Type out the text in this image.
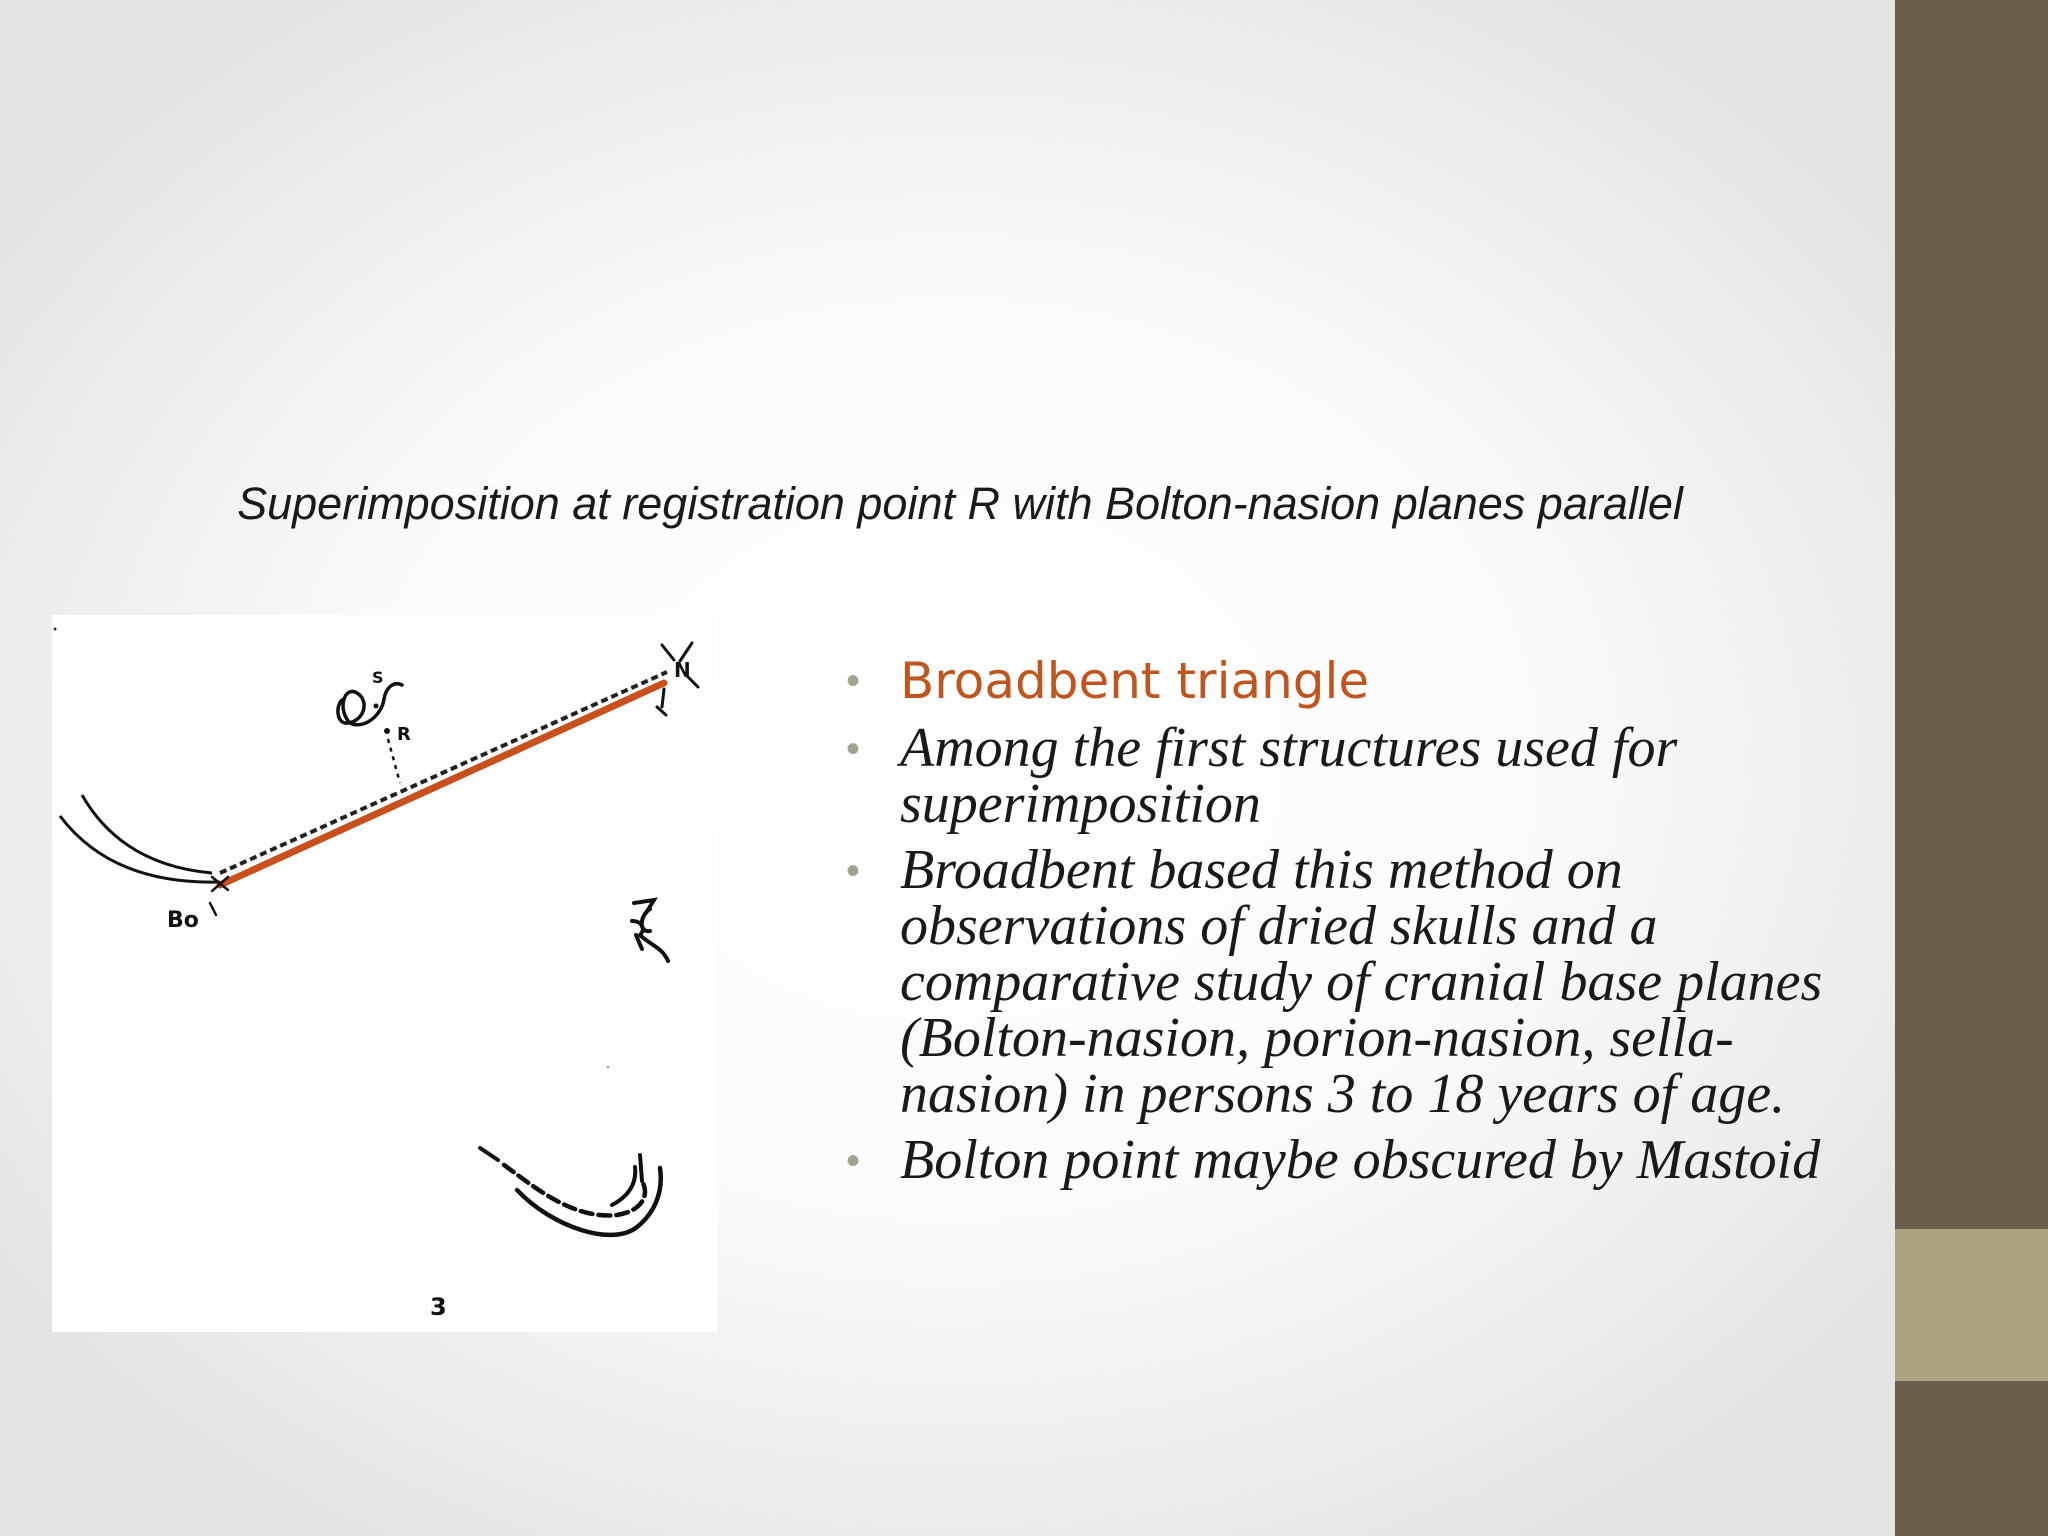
Superimposition at registration point R with Bolton-nasion planes parallel
S
R
N
Bo
3
• Broadbent triangle
• Among the first structures used for superimposition
• Broadbent based this method on observations of dried skulls and a comparative study of cranial base planes (Bolton-nasion, porion-nasion, sella-nasion) in persons 3 to 18 years of age.
• Bolton point maybe obscured by Mastoid
